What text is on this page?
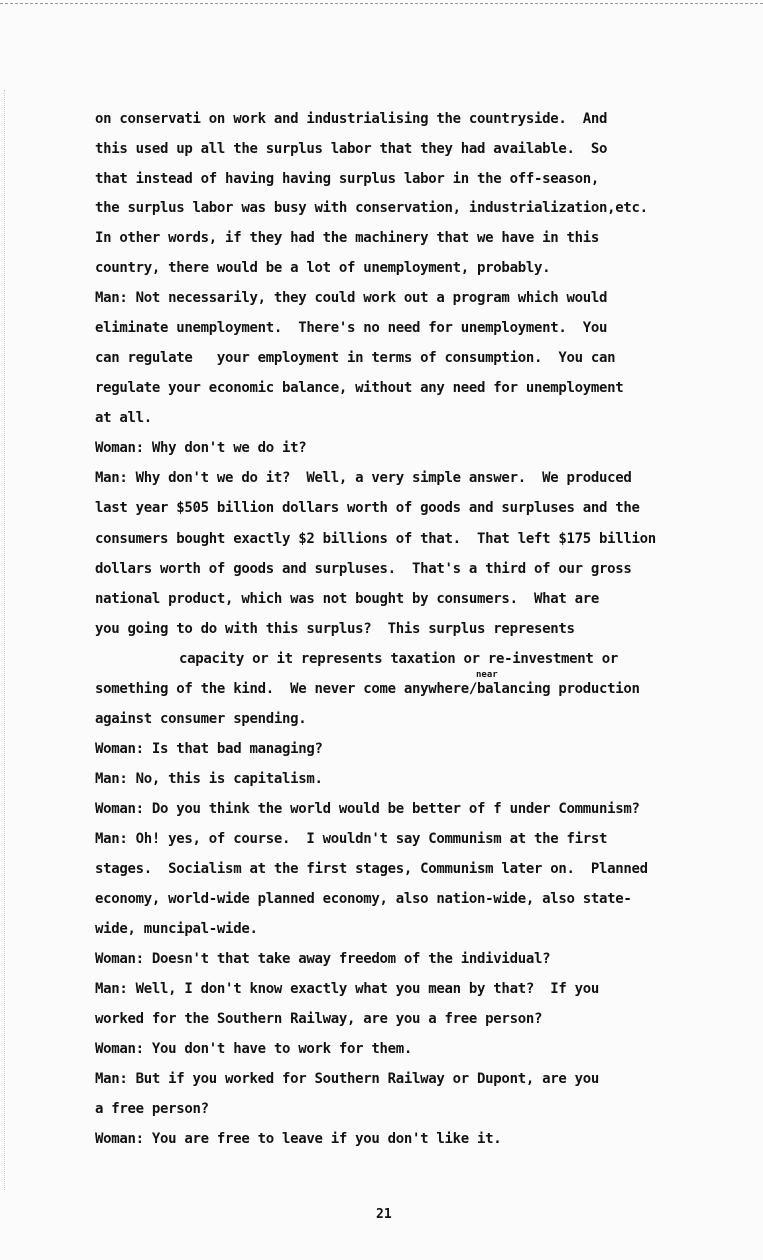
on conservati on work and industrialising the countryside.  And
this used up all the surplus labor that they had available.  So
that instead of having having surplus labor in the off-season,
the surplus labor was busy with conservation, industrialization,etc.
In other words, if they had the machinery that we have in this
country, there would be a lot of unemployment, probably.
Man: Not necessarily, they could work out a program which would
eliminate unemployment.  There's no need for unemployment.  You
can regulate   your employment in terms of consumption.  You can
regulate your economic balance, without any need for unemployment
at all.
Woman: Why don't we do it?
Man: Why don't we do it?  Well, a very simple answer.  We produced
last year $505 billion dollars worth of goods and surpluses and the
consumers bought exactly $2 billions of that.  That left $175 billion
dollars worth of goods and surpluses.  That's a third of our gross
national product, which was not bought by consumers.  What are
you going to do with this surplus?  This surplus represents
capacity or it represents taxation or re-investment or
near
something of the kind.  We never come anywhere/balancing production
against consumer spending.
Woman: Is that bad managing?
Man: No, this is capitalism.
Woman: Do you think the world would be better of f under Communism?
Man: Oh! yes, of course.  I wouldn't say Communism at the first
stages.  Socialism at the first stages, Communism later on.  Planned
economy, world-wide planned economy, also nation-wide, also state-
wide, muncipal-wide.
Woman: Doesn't that take away freedom of the individual?
Man: Well, I don't know exactly what you mean by that?  If you
worked for the Southern Railway, are you a free person?
Woman: You don't have to work for them.
Man: But if you worked for Southern Railway or Dupont, are you
a free person?
Woman: You are free to leave if you don't like it.
21
